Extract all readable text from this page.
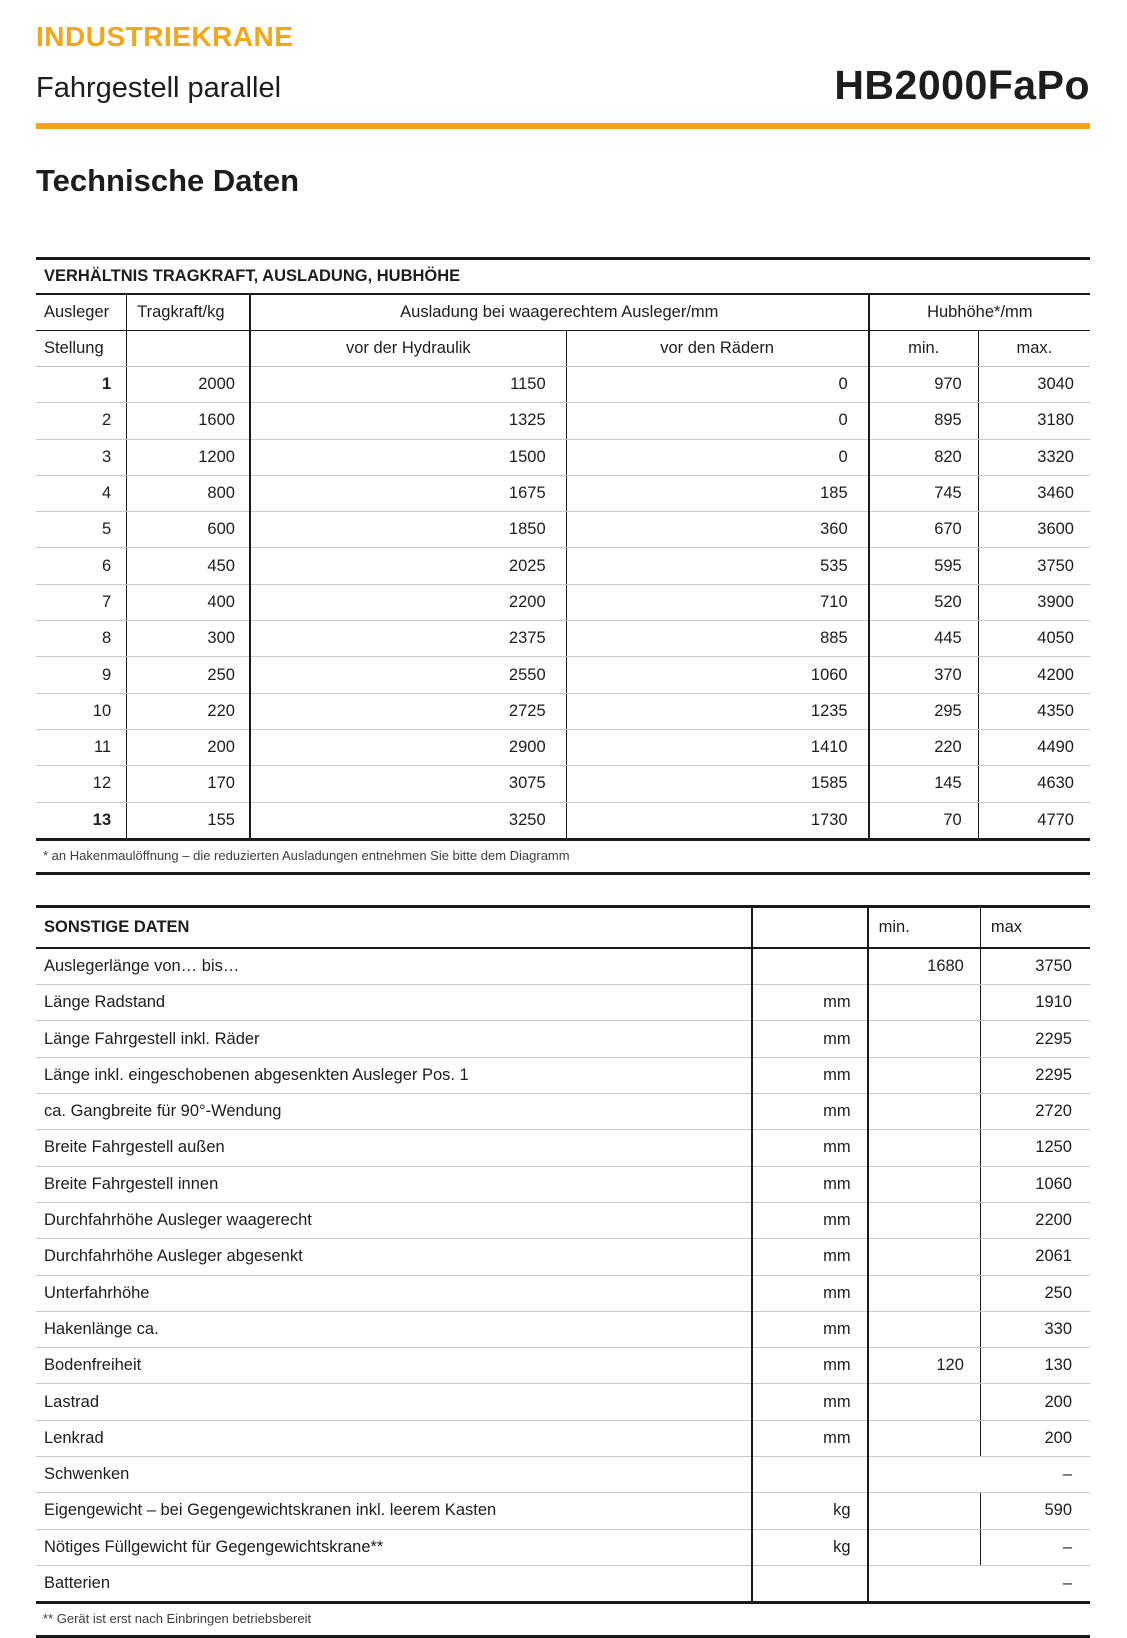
INDUSTRIEKRANE
Fahrgestell parallel	HB2000FaPo
Technische Daten
VERHÄLTNIS TRAGKRAFT, AUSLADUNG, HUBHÖHE					
Ausleger	Tragkraft/kg	Ausladung bei waagerechtem Ausleger/mm		Hubhöhe*/mm	
Stellung		vor der Hydraulik	vor den Rädern	min.	max.
1	2000	1150	0	970	3040
2	1600	1325	0	895	3180
3	1200	1500	0	820	3320
4	800	1675	185	745	3460
5	600	1850	360	670	3600
6	450	2025	535	595	3750
7	400	2200	710	520	3900
8	300	2375	885	445	4050
9	250	2550	1060	370	4200
10	220	2725	1235	295	4350
11	200	2900	1410	220	4490
12	170	3075	1585	145	4630
13	155	3250	1730	70	4770
* an Hakenmaulöffnung – die reduzierten Ausladungen entnehmen Sie bitte dem Diagramm
SONSTIGE DATEN		min.	max
Auslegerlänge von… bis…		1680	3750
Länge Radstand	mm		1910
Länge Fahrgestell inkl. Räder	mm		2295
Länge inkl. eingeschobenen abgesenkten Ausleger Pos. 1	mm		2295
ca. Gangbreite für 90°-Wendung	mm		2720
Breite Fahrgestell außen	mm		1250
Breite Fahrgestell innen	mm		1060
Durchfahrhöhe Ausleger waagerecht	mm		2200
Durchfahrhöhe Ausleger abgesenkt	mm		2061
Unterfahrhöhe	mm		250
Hakenlänge ca.	mm		330
Bodenfreiheit	mm	120	130
Lastrad	mm		200
Lenkrad	mm		200
Schwenken		–	
Eigengewicht – bei Gegengewichtskranen inkl. leerem Kasten	kg		590
Nötiges Füllgewicht für Gegengewichtskrane**	kg		–
Batterien		–	
** Gerät ist erst nach Einbringen betriebsbereit
